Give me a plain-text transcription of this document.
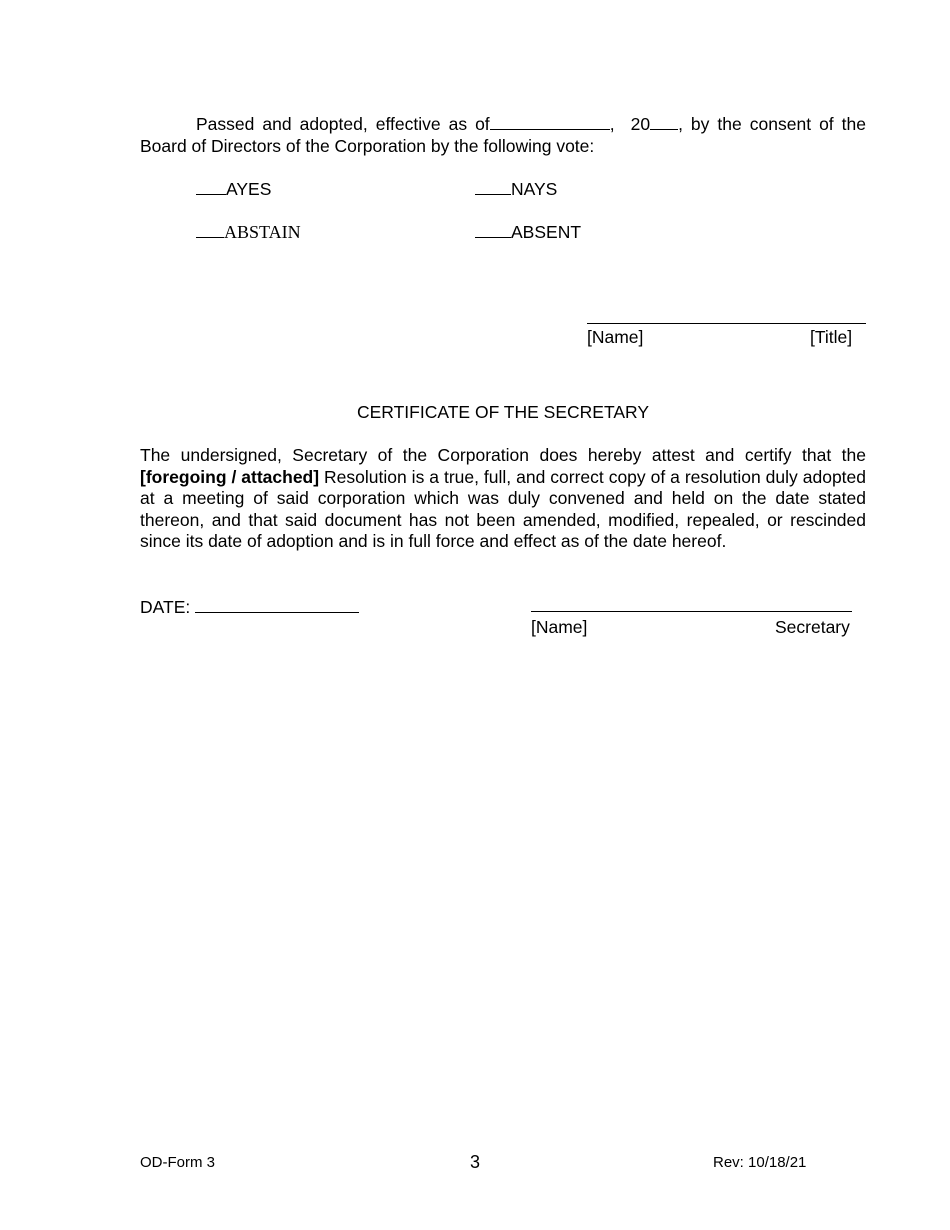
Passed and adopted, effective as of	, 20 , by the consent of the
Board of Directors of the Corporation by the following vote:
AYES	NAYS
ABSTAIN	ABSENT
[Name]	[Title]
CERTIFICATE OF THE SECRETARY
The undersigned, Secretary of the Corporation does hereby attest and certify that the [foregoing / attached] Resolution is a true, full, and correct copy of a resolution duly adopted at a meeting of said corporation which was duly convened and held on the date stated thereon, and that said document has not been amended, modified, repealed, or rescinded since its date of adoption and is in full force and effect as of the date hereof.
DATE:
[Name]	Secretary
OD-Form 3	3	Rev: 10/18/21
